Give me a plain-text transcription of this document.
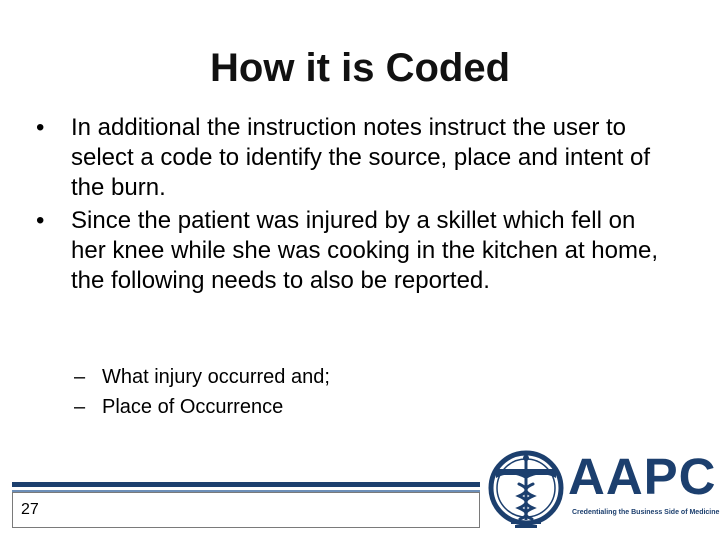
How it is Coded

•	In additional the instruction notes instruct the user to select a code to identify the source, place and intent of the burn.

•	Since the patient was injured by a skillet which fell on her knee while she was cooking in the kitchen at home, the following needs to also be reported.

– What injury occurred and;

– Place of Occurrence

27
AAPC
Credentialing the Business Side of Medicine
